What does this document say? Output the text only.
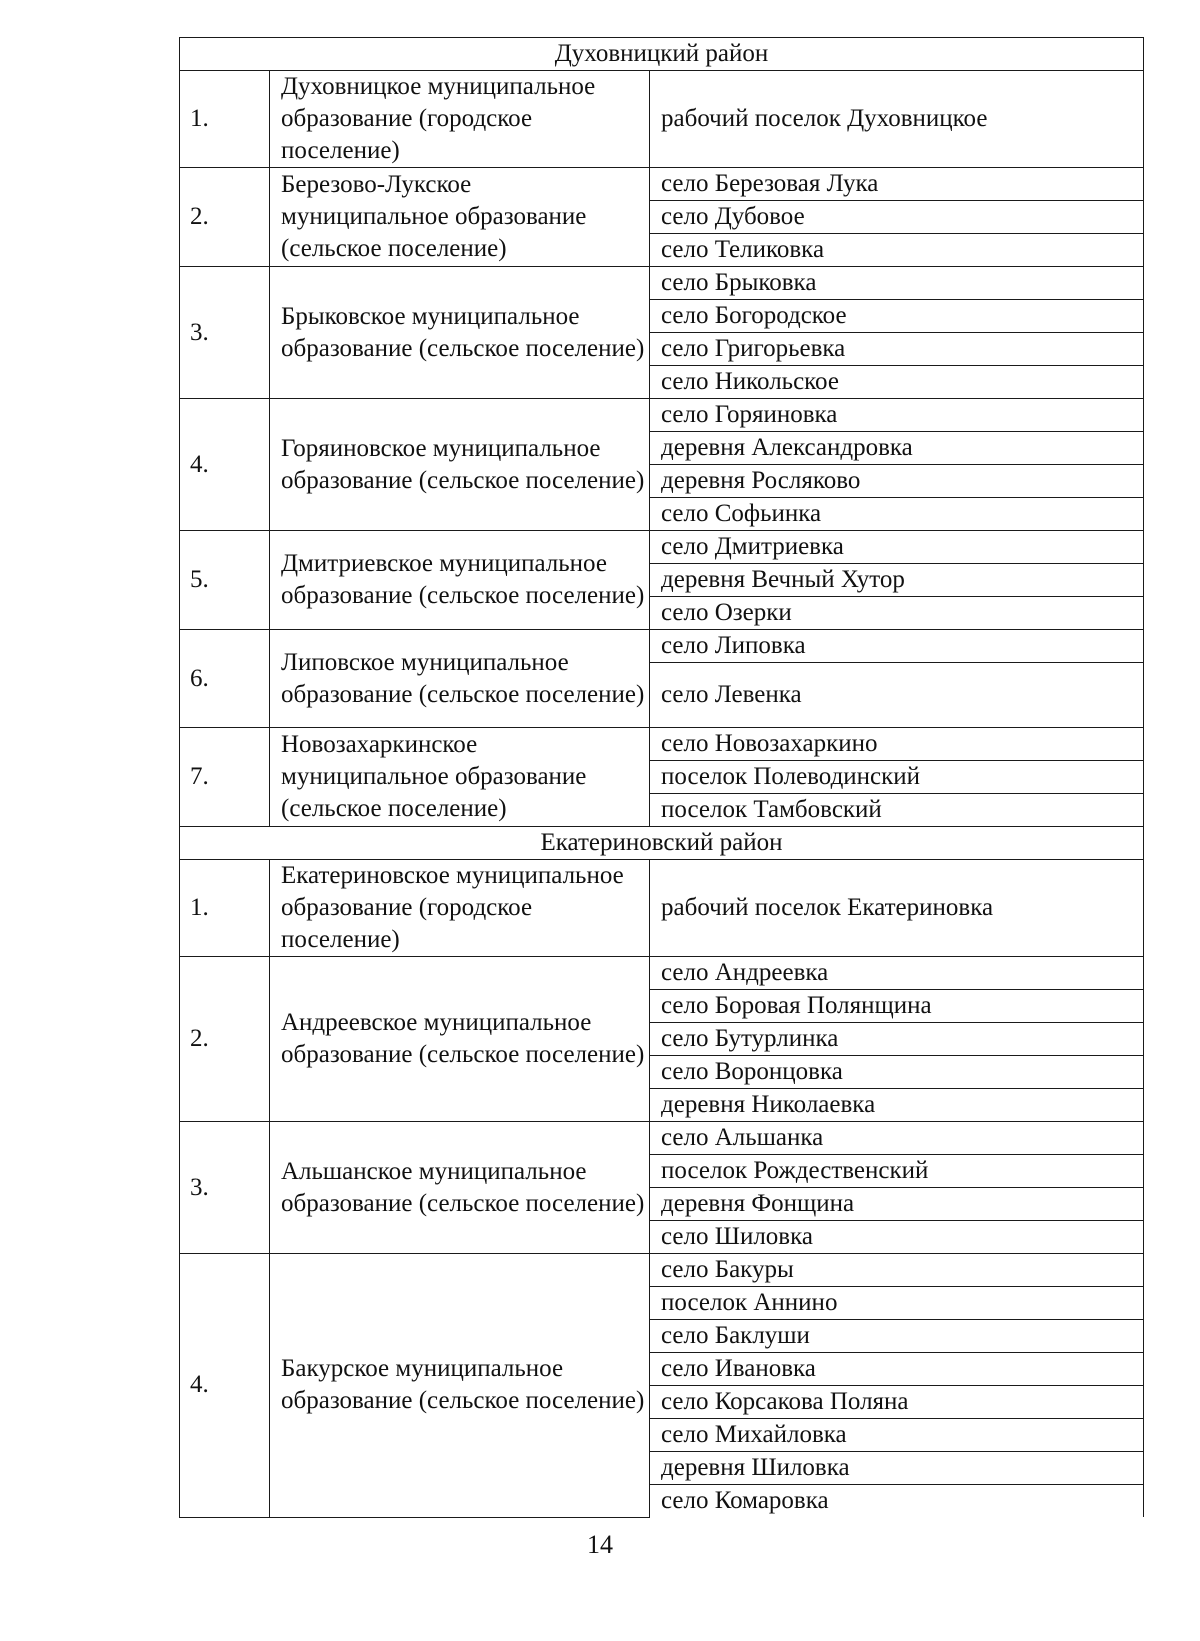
Духовницкий район		
1.	Духовницкое муниципальное образование (городское поселение)	рабочий поселок Духовницкое
2.	Березово-Лукское муниципальное образование (сельское поселение)	село Березовая Лука
		село Дубовое
		село Теликовка
3.	Брыковское муниципальное образование (сельское поселение)	село Брыковка
		село Богородское
		село Григорьевка
		село Никольское
4.	Горяиновское муниципальное образование (сельское поселение)	село Горяиновка
		деревня Александровка
		деревня Росляково
		село Софьинка
5.	Дмитриевское муниципальное образование (сельское поселение)	село Дмитриевка
		деревня Вечный Хутор
		село Озерки
6.	Липовское муниципальное образование (сельское поселение)	село Липовка
		село Левенка
7.	Новозахаркинское муниципальное образование (сельское поселение)	село Новозахаркино
		поселок Полеводинский
		поселок Тамбовский
Екатериновский район		
1.	Екатериновское муниципальное образование (городское поселение)	рабочий поселок Екатериновка
2.	Андреевское муниципальное образование (сельское поселение)	село Андреевка
		село Боровая Полянщина
		село Бутурлинка
		село Воронцовка
		деревня Николаевка
3.	Альшанское муниципальное образование (сельское поселение)	село Альшанка
		поселок Рождественский
		деревня Фонщина
		село Шиловка
4.	Бакурское муниципальное образование (сельское поселение)	село Бакуры
		поселок Аннино
		село Баклуши
		село Ивановка
		село Корсакова Поляна
		село Михайловка
		деревня Шиловка
		село Комаровка
14
